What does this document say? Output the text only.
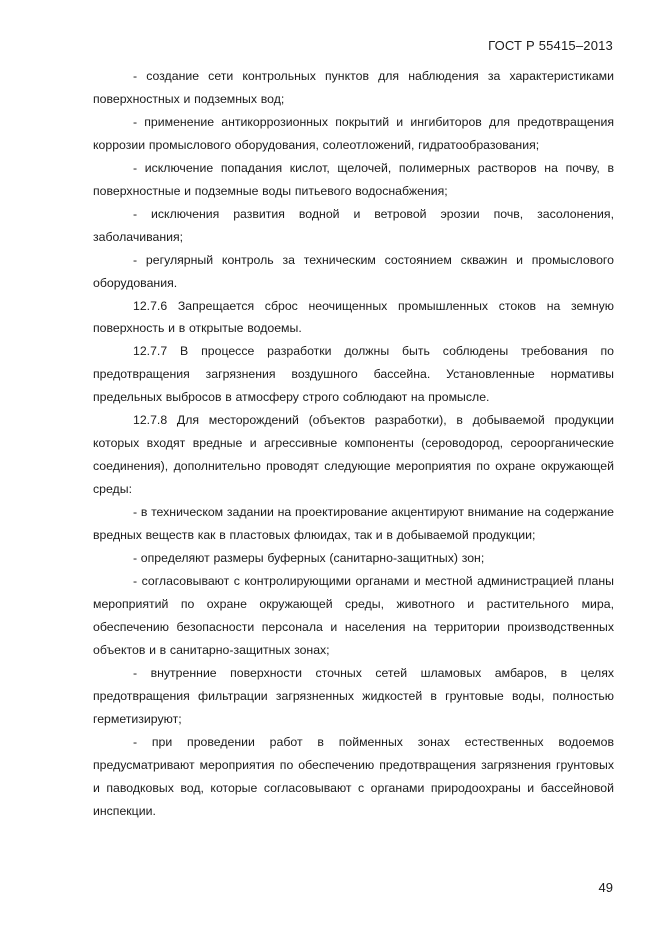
ГОСТ Р 55415–2013

- создание сети контрольных пунктов для наблюдения за характеристиками поверхностных и подземных вод;

- применение антикоррозионных покрытий и ингибиторов для предотвращения коррозии промыслового оборудования, солеотложений, гидратообразования;

- исключение попадания кислот, щелочей, полимерных растворов на почву, в поверхностные и подземные воды питьевого водоснабжения;

- исключения развития водной и ветровой эрозии почв, засолонения, заболачивания;

- регулярный контроль за техническим состоянием скважин и промыслового оборудования.

12.7.6 Запрещается сброс неочищенных промышленных стоков на земную поверхность и в открытые водоемы.

12.7.7 В процессе разработки должны быть соблюдены требования по предотвращения загрязнения воздушного бассейна. Установленные нормативы предельных выбросов в атмосферу строго соблюдают на промысле.

12.7.8 Для месторождений (объектов разработки), в добываемой продукции которых входят вредные и агрессивные компоненты (сероводород, сероорганические соединения), дополнительно проводят следующие мероприятия по охране окружающей среды:

- в техническом задании на проектирование акцентируют внимание на содержание вредных веществ как в пластовых флюидах, так и в добываемой продукции;

- определяют размеры буферных (санитарно-защитных) зон;

- согласовывают с контролирующими органами и местной администрацией планы мероприятий по охране окружающей среды, животного и растительного мира, обеспечению безопасности персонала и населения на территории производственных объектов и в санитарно-защитных зонах;

- внутренние поверхности сточных сетей шламовых амбаров, в целях предотвращения фильтрации загрязненных жидкостей в грунтовые воды, полностью герметизируют;

- при проведении работ в пойменных зонах естественных водоемов предусматривают мероприятия по обеспечению предотвращения загрязнения грунтовых и паводковых вод, которые согласовывают с органами природоохраны и бассейновой инспекции.

49
